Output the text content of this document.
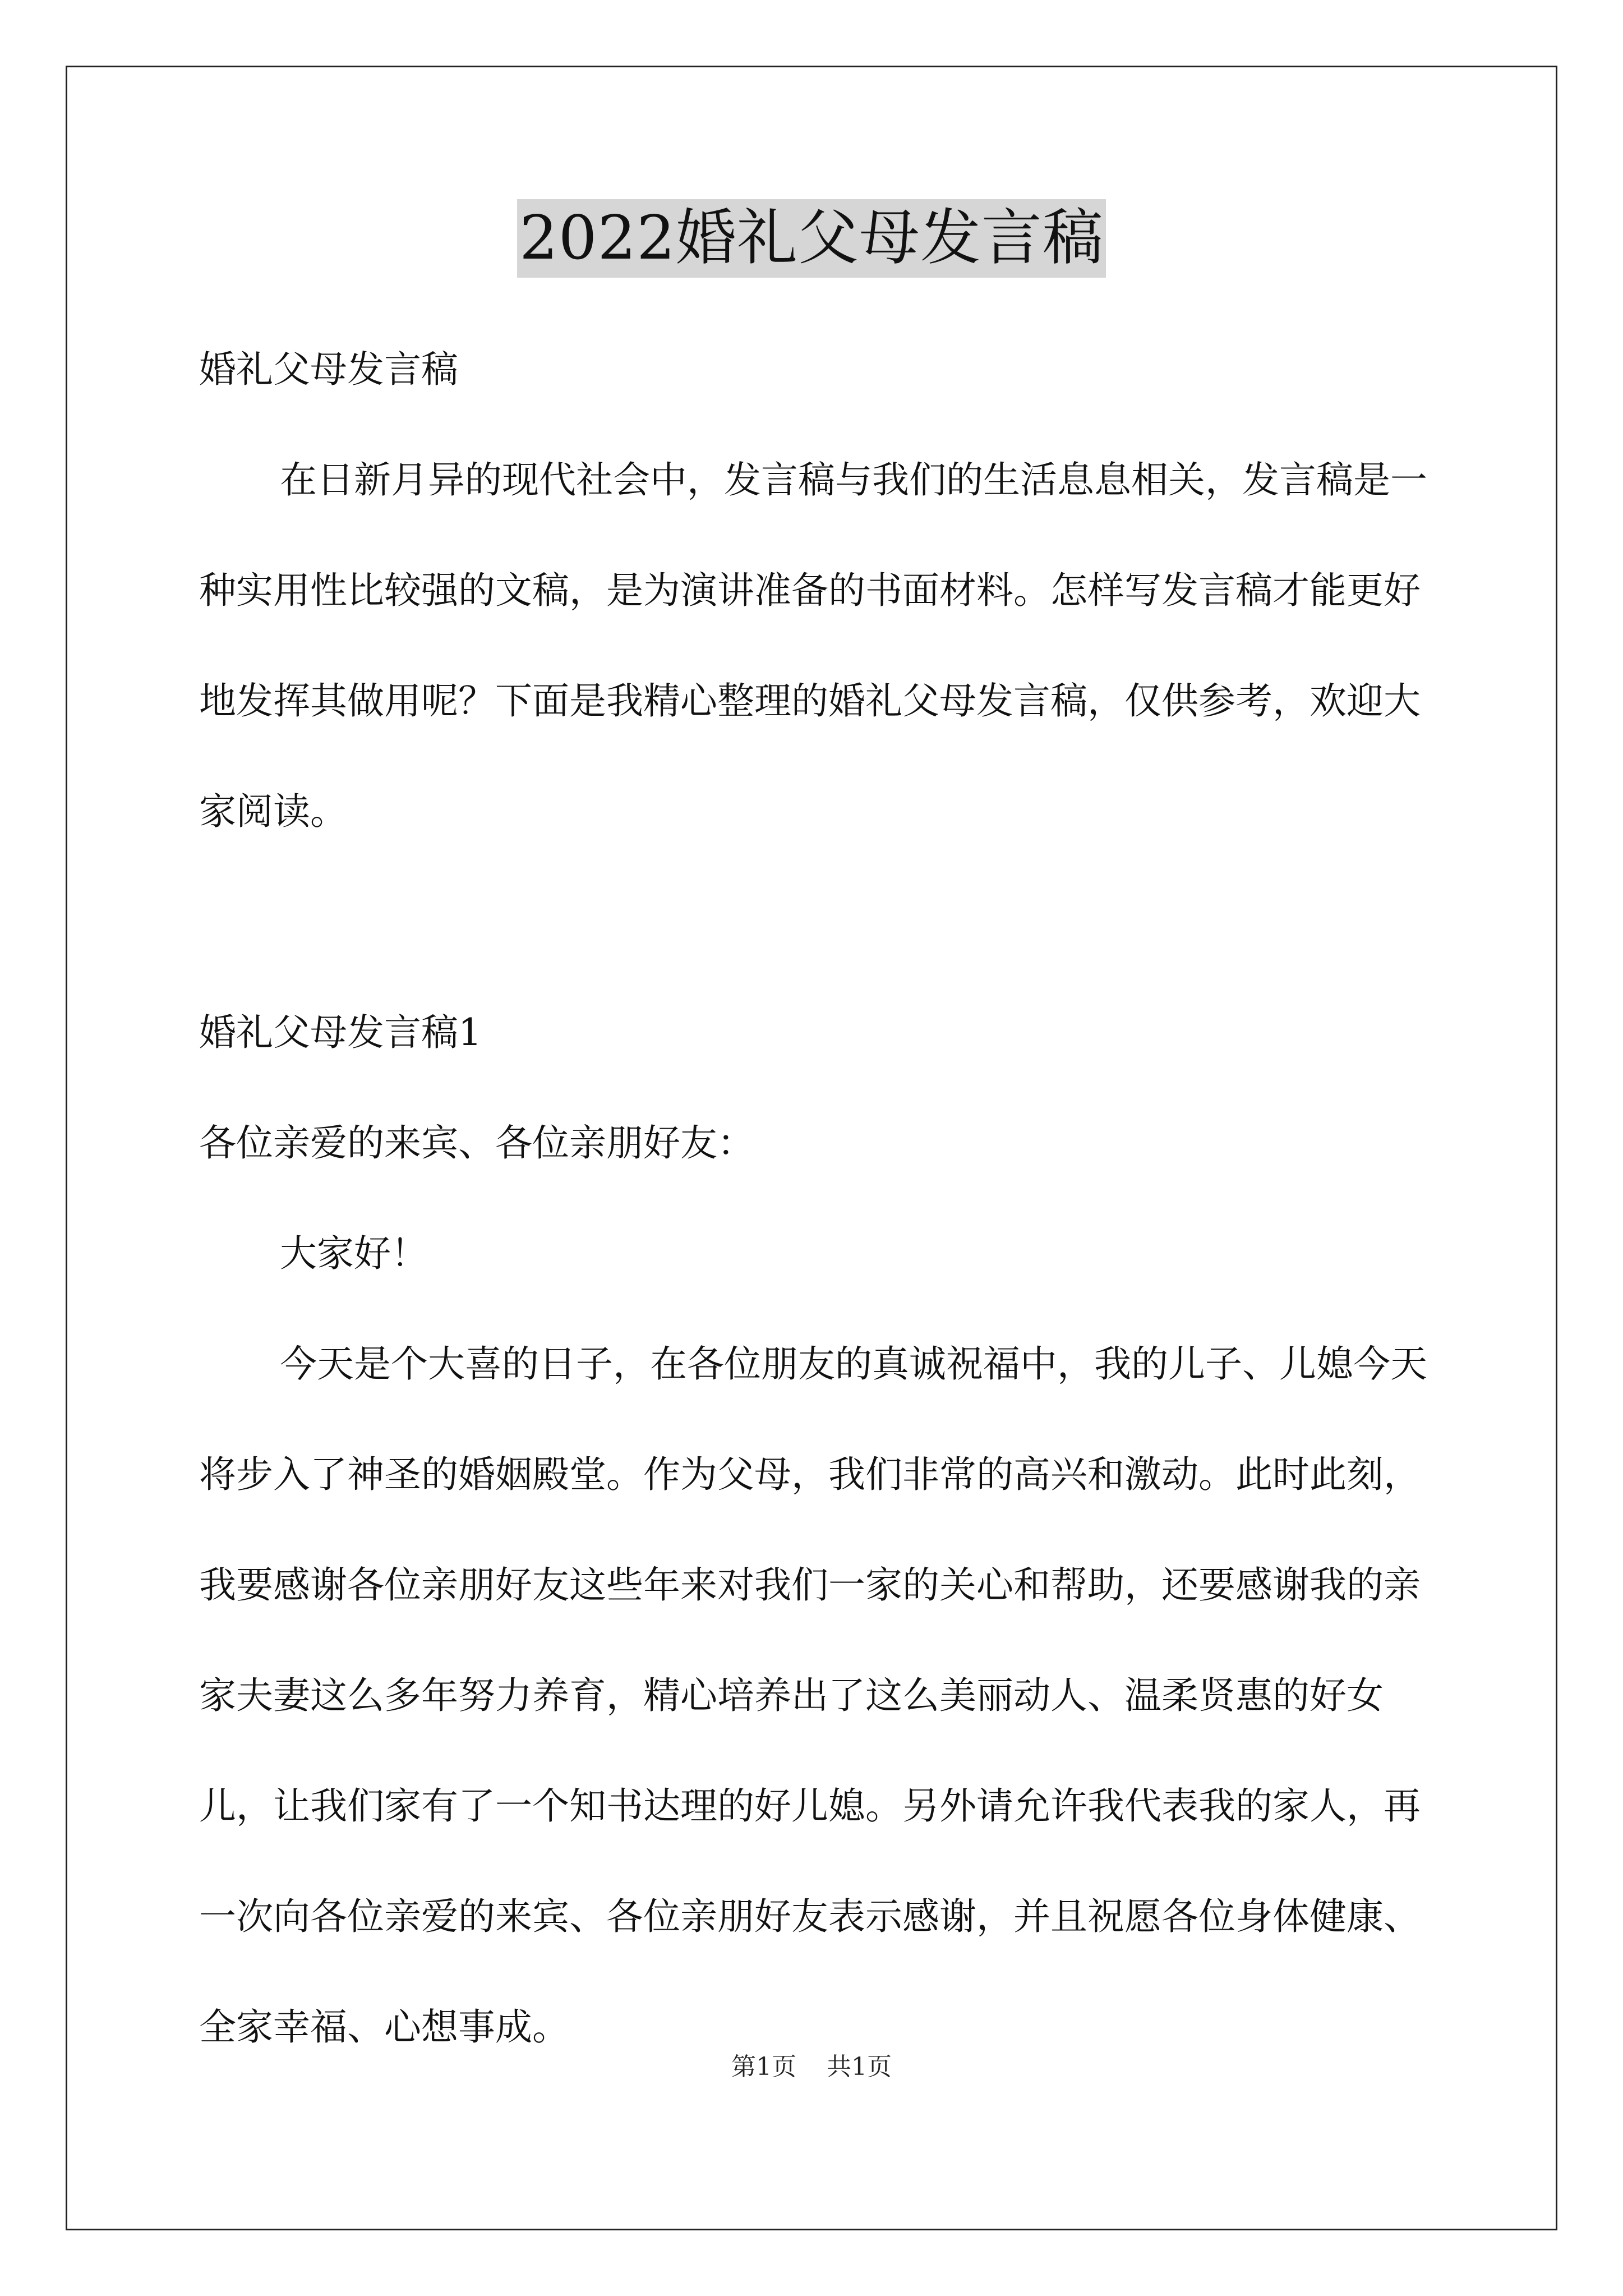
2022婚礼父母发言稿

婚礼父母发言稿

在日新月异的现代社会中，发言稿与我们的生活息息相关，发言稿是一种实用性比较强的文稿，是为演讲准备的书面材料。怎样写发言稿才能更好地发挥其做用呢？下面是我精心整理的婚礼父母发言稿，仅供参考，欢迎大家阅读。

婚礼父母发言稿1

各位亲爱的来宾、各位亲朋好友：

大家好！

今天是个大喜的日子，在各位朋友的真诚祝福中，我的儿子、儿媳今天将步入了神圣的婚姻殿堂。作为父母，我们非常的高兴和激动。此时此刻，我要感谢各位亲朋好友这些年来对我们一家的关心和帮助，还要感谢我的亲家夫妻这么多年努力养育，精心培养出了这么美丽动人、温柔贤惠的好女儿，让我们家有了一个知书达理的好儿媳。另外请允许我代表我的家人，再一次向各位亲爱的来宾、各位亲朋好友表示感谢，并且祝愿各位身体健康、全家幸福、心想事成。

第1页 共1页
